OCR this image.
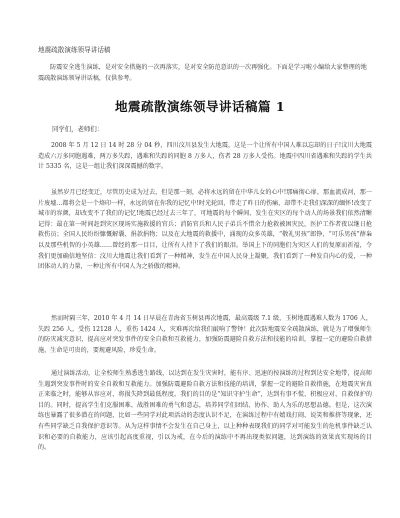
地震疏散演练领导讲话稿
防震安全逃生演练，是对安全措施的一次再落实，是对安全防范意识的一次再强化。下面是学习啦小编给大家整理的地震疏散演练领导讲话稿，仅供参考。
地震疏散演练领导讲话稿篇 1
同学们，老师们：
2008 年 5 月 12 日 14 时 28 分 04 秒，四川汶川县发生大地震，这是一个让所有中国人难以忘却的日子!汶川大地震造成六万多同胞遇难，两万多失踪，遇难和失踪的同胞 8 万多人，伤者 28 万多人受伤。地震中四川省遇难和失踪的学生共计 5335 名，这是一组让我们深深震撼的数字。
虽然岁月已经变迁，尽管历史成为过去，但是那一刻，必将永远的留在中华儿女的心中!那痛彻心扉，那血流成河，那一片废墟…都将会是一个烙印一样，永远的留在你我的记忆中!时光轮回，带走了昨日的伤痛，却带不走我们深深的缅怀!改变了城市的容颜，却改变不了我们的记忆!地震已经过去三年了，可地震的每个瞬间，发生在灾区的每个动人的场景我们依然清晰记得：最在第一时间赶到灾区现场实施救援的官兵；消防官兵和人民子弟兵不惜余力抢救被困灾民，医护工作者夜以继日抢救伤员；全国人民纷纷慷慨解囊、捐款捐物；以及在大地震的救援中，涌现的众多英雄，“敬礼男孩”郎铮、“可乐男孩”薛枭以及那些机智的小英雄……曾经的那一目目，让所有人持下了我们的眼泪。举国上下的同胞们为灾区人们的复原而祈福，令我们更加确信地坚信：汶川大地震让我们看到了一种精神，发生在中国人民身上凝聚，我们看到了一种发自内心的爱，一种团体动人的力量，一种让所有中国人为之骄傲的精神。
然而时隔三年，2010 年 4 月 14 日早晨在青海省玉树县再次地震，最高震级 7.1 级，玉树地震遇难人数为 1706 人，失踪 256 人，受伤 12128 人，重伤 1424 人，灾难再次给我们敲响了警钟！此次防地震安全疏散演练，就是为了增强师生的防灾减灾意识，提高应对突发事件的安全自救和互救能力，加强防震避险自救方法和技能的培训，掌握一定的避险自救措施，生命是可贵的，要规避风险，珍爱生命。
通过演练活动，让全校师生熟悉逃生路线，以达到在发生灾害时，能有序、迅速的按演练的过程到达安全地带，提高师生遇到突发事件时的安全自救和互救能力。加强防震避险自救方法和技能的培训，掌握一定的避险自救措施，在地震灾害真正来临之时，能够从容应对，将损失降到最低程度。我们的目的是“知识守护生命”，达到有事不慌、积极应对、自救保护的目的。同时，提高学生们克服困难、战胜困难的勇气和意志，培养同学们团结、协作、助人为乐的思想品德。但是，这次演练也暴露了很多潜在的问题，比如一些同学对此项活动的态度认识不足，在演练过程中有嬉戏打闹、说笑和推挤等现象，还有些同学缺乏自我保护意识等。从为这样事情不会发生在自己身上，以上种种表现我们的同学对可能发生的危机事件缺乏认识和必要的自救能力，应该引起高度重视，引以为戒，在今后的演练中不再出现类似问题，达到演练的效果真实现场的目的。
